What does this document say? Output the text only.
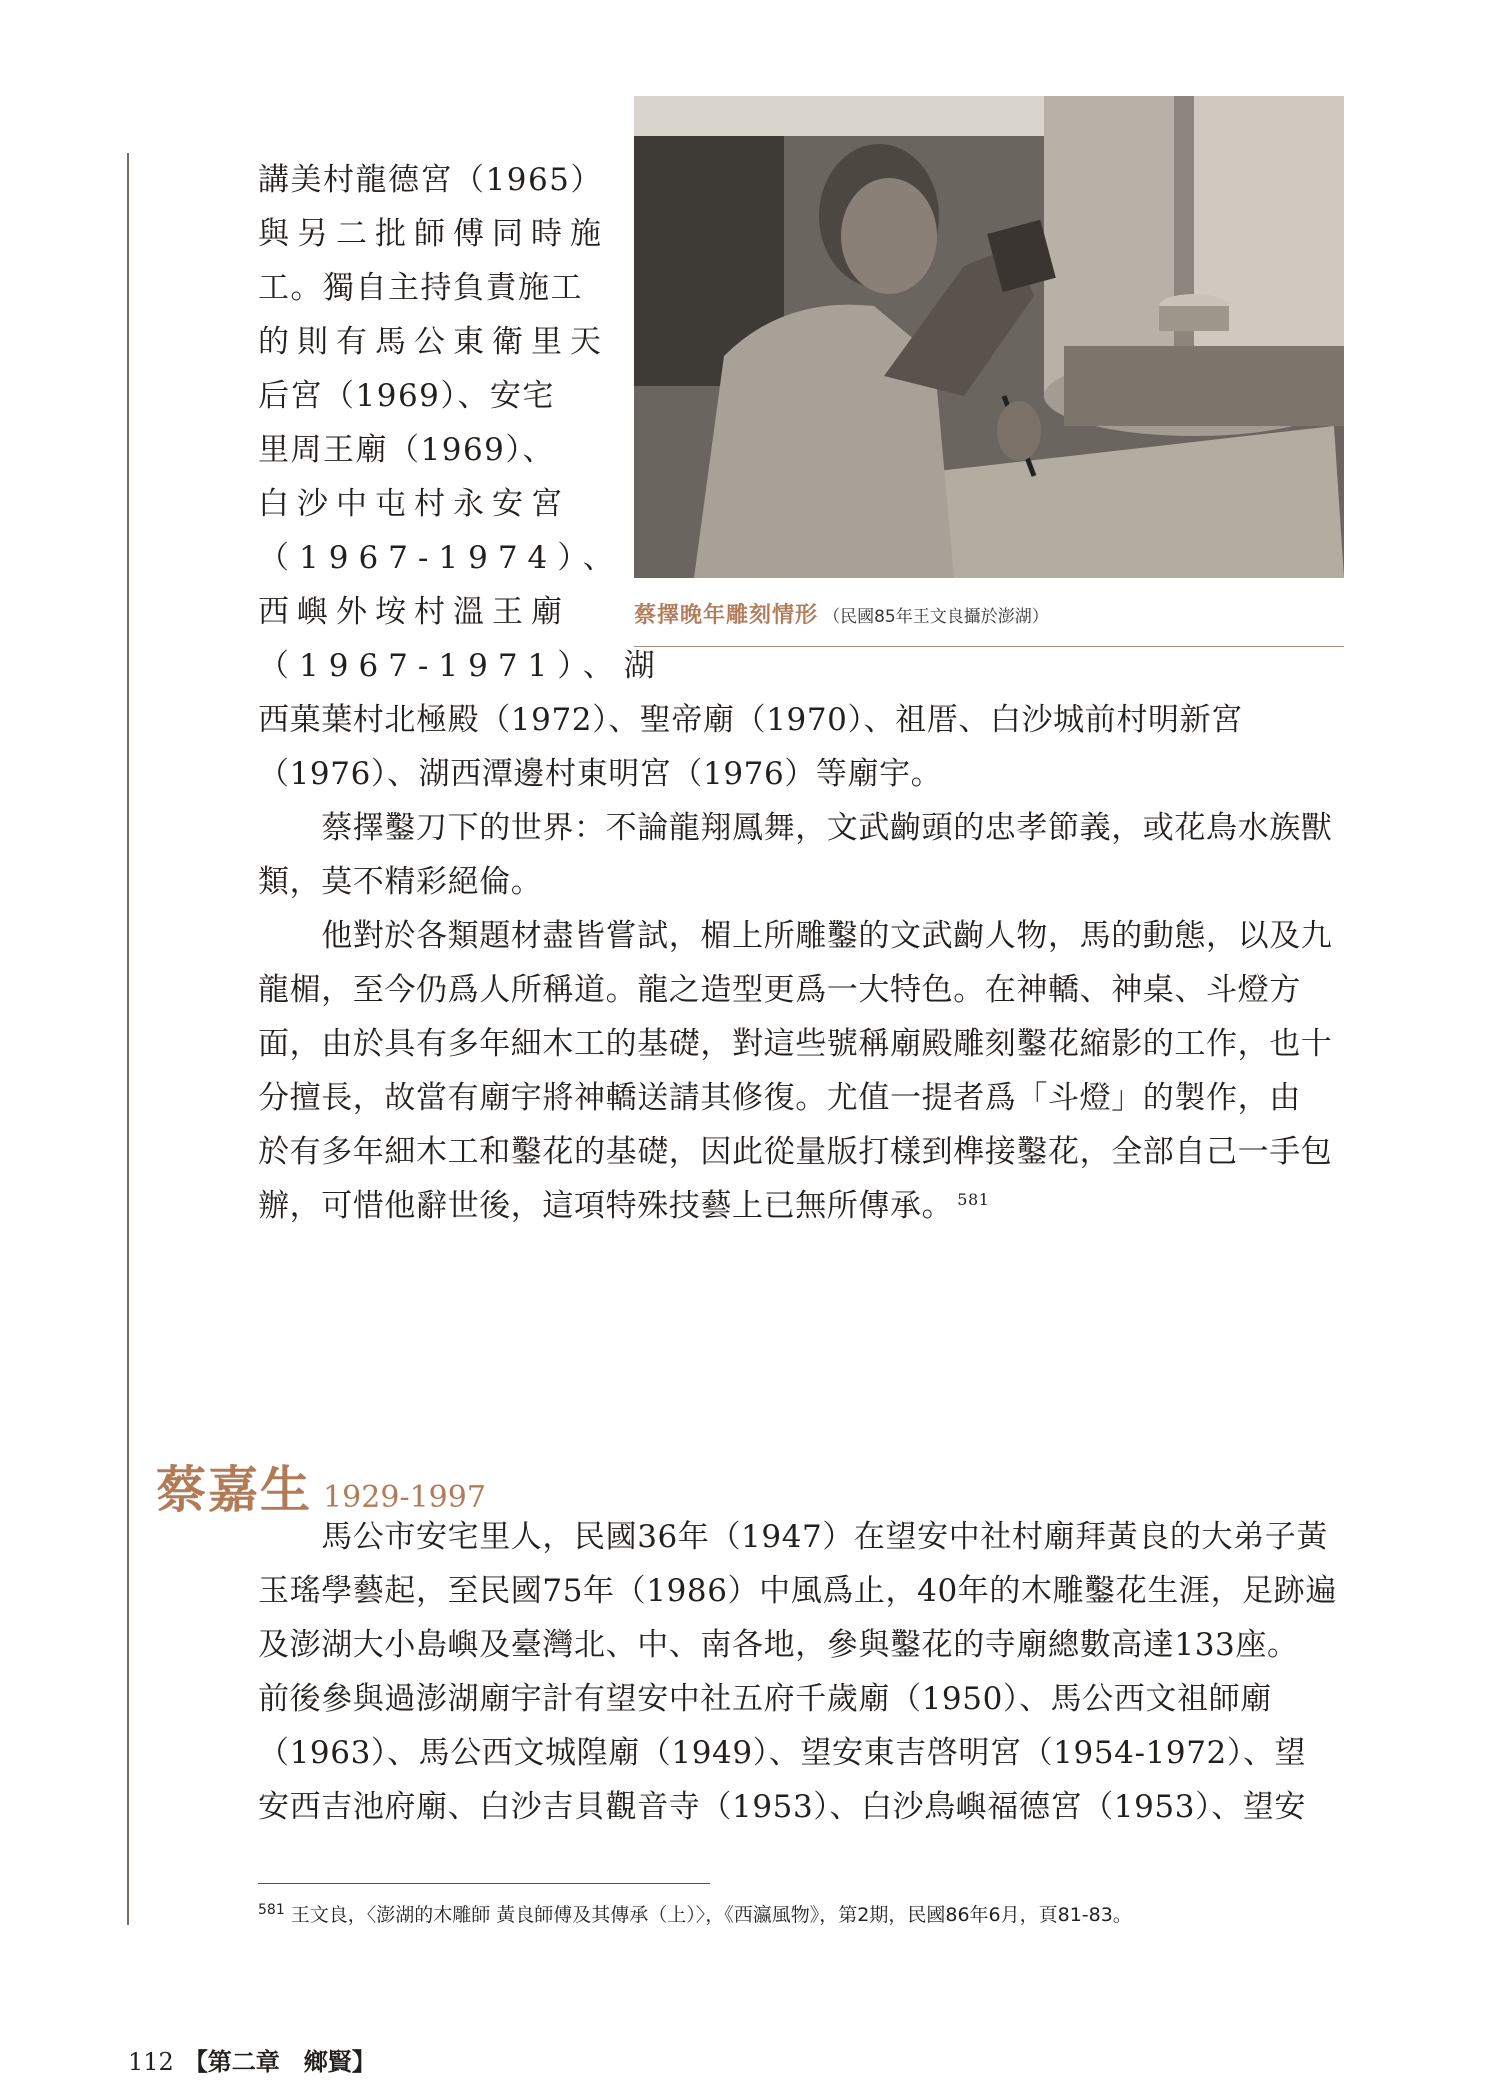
蔡擇晚年雕刻情形 （民國85年王文良攝於澎湖）
講美村龍德宮（1965）
與另二批師傅同時施
工。獨自主持負責施工
的則有馬公東衛里天
后宮（1969）、安宅
里周王廟（1969）、
白沙中屯村永安宮
（1967-1974）、
西嶼外垵村溫王廟
（1967-1971）、湖
西菓葉村北極殿（1972）、聖帝廟（1970）、祖厝、白沙城前村明新宮
（1976）、湖西潭邊村東明宮（1976）等廟宇。
　　蔡擇鑿刀下的世界：不論龍翔鳳舞，文武齣頭的忠孝節義，或花鳥水族獸
類，莫不精彩絕倫。
　　他對於各類題材盡皆嘗試，楣上所雕鑿的文武齣人物，馬的動態，以及九
龍楣，至今仍爲人所稱道。龍之造型更爲一大特色。在神轎、神桌、斗燈方
面，由於具有多年細木工的基礎，對這些號稱廟殿雕刻鑿花縮影的工作，也十
分擅長，故當有廟宇將神轎送請其修復。尤值一提者爲「斗燈」的製作，由
於有多年細木工和鑿花的基礎，因此從量版打樣到榫接鑿花，全部自己一手包
辦，可惜他辭世後，這項特殊技藝上已無所傳承。 $^{581}$
蔡嘉生 1929-1997
　　馬公市安宅里人，民國36年（1947）在望安中社村廟拜黃良的大弟子黃
玉瑤學藝起，至民國75年（1986）中風爲止，40年的木雕鑿花生涯，足跡遍
及澎湖大小島嶼及臺灣北、中、南各地，參與鑿花的寺廟總數高達133座。
前後參與過澎湖廟宇計有望安中社五府千歲廟（1950）、馬公西文祖師廟
（1963）、馬公西文城隍廟（1949）、望安東吉啓明宮（1954-1972）、望
安西吉池府廟、白沙吉貝觀音寺（1953）、白沙鳥嶼福德宮（1953）、望安
$^{581}$ 王文良，〈澎湖的木雕師 黃良師傅及其傳承（上）〉，《西瀛風物》，第2期，民國86年6月，頁81-83。
112 【第二章　鄉賢】
